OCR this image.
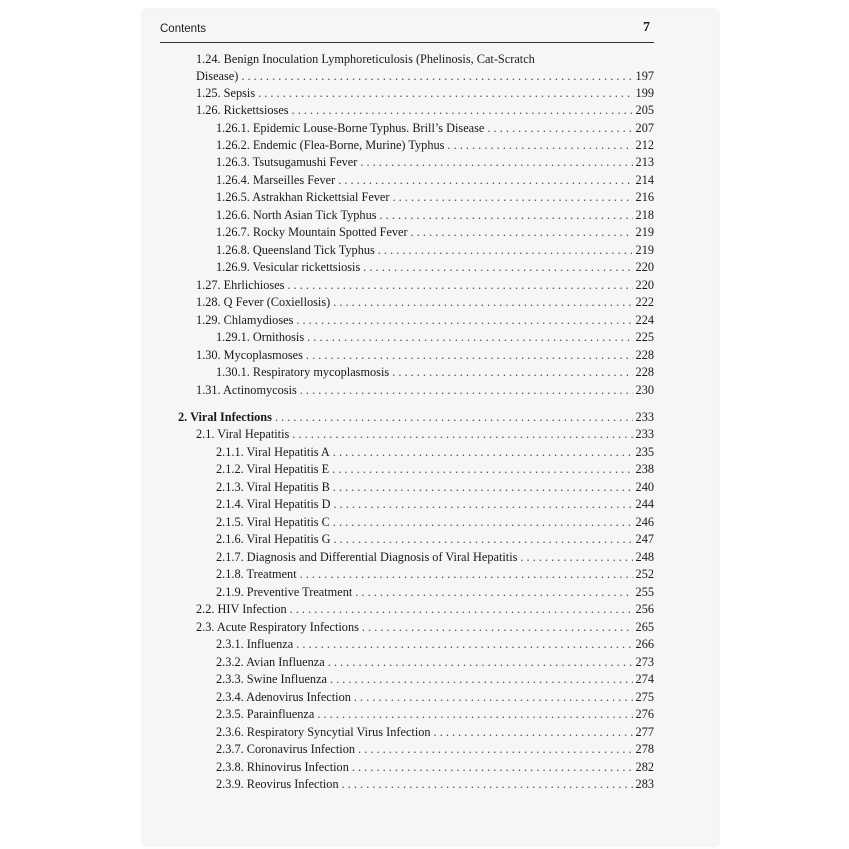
Contents	7
1.24. Benign Inoculation Lymphoreticulosis (Phelinosis, Cat-Scratch
Disease) . . .	197
1.25. Sepsis . . .	199
1.26. Rickettsioses . . .	205
1.26.1. Epidemic Louse-Borne Typhus. Brill’s Disease . . .	207
1.26.2. Endemic (Flea-Borne, Murine) Typhus . . .	212
1.26.3. Tsutsugamushi Fever . . .	213
1.26.4. Marseilles Fever . . .	214
1.26.5. Astrakhan Rickettsial Fever . . .	216
1.26.6. North Asian Tick Typhus . . .	218
1.26.7. Rocky Mountain Spotted Fever . . .	219
1.26.8. Queensland Tick Typhus . . .	219
1.26.9. Vesicular rickettsiosis . . .	220
1.27. Ehrlichioses . . .	220
1.28. Q Fever (Coxiellosis) . . .	222
1.29. Chlamydioses . . .	224
1.29.1. Ornithosis . . .	225
1.30. Mycoplasmoses . . .	228
1.30.1. Respiratory mycoplasmosis . . .	228
1.31. Actinomycosis . . .	230
2. Viral Infections . . .	233
2.1. Viral Hepatitis . . .	233
2.1.1. Viral Hepatitis A . . .	235
2.1.2. Viral Hepatitis E . . .	238
2.1.3. Viral Hepatitis B . . .	240
2.1.4. Viral Hepatitis D . . .	244
2.1.5. Viral Hepatitis C . . .	246
2.1.6. Viral Hepatitis G . . .	247
2.1.7. Diagnosis and Differential Diagnosis of Viral Hepatitis . . .	248
2.1.8. Treatment . . .	252
2.1.9. Preventive Treatment . . .	255
2.2. HIV Infection . . .	256
2.3. Acute Respiratory Infections . . .	265
2.3.1. Influenza . . .	266
2.3.2. Avian Influenza . . .	273
2.3.3. Swine Influenza . . .	274
2.3.4. Adenovirus Infection . . .	275
2.3.5. Parainfluenza . . .	276
2.3.6. Respiratory Syncytial Virus Infection . . .	277
2.3.7. Coronavirus Infection . . .	278
2.3.8. Rhinovirus Infection . . .	282
2.3.9. Reovirus Infection . . .	283
